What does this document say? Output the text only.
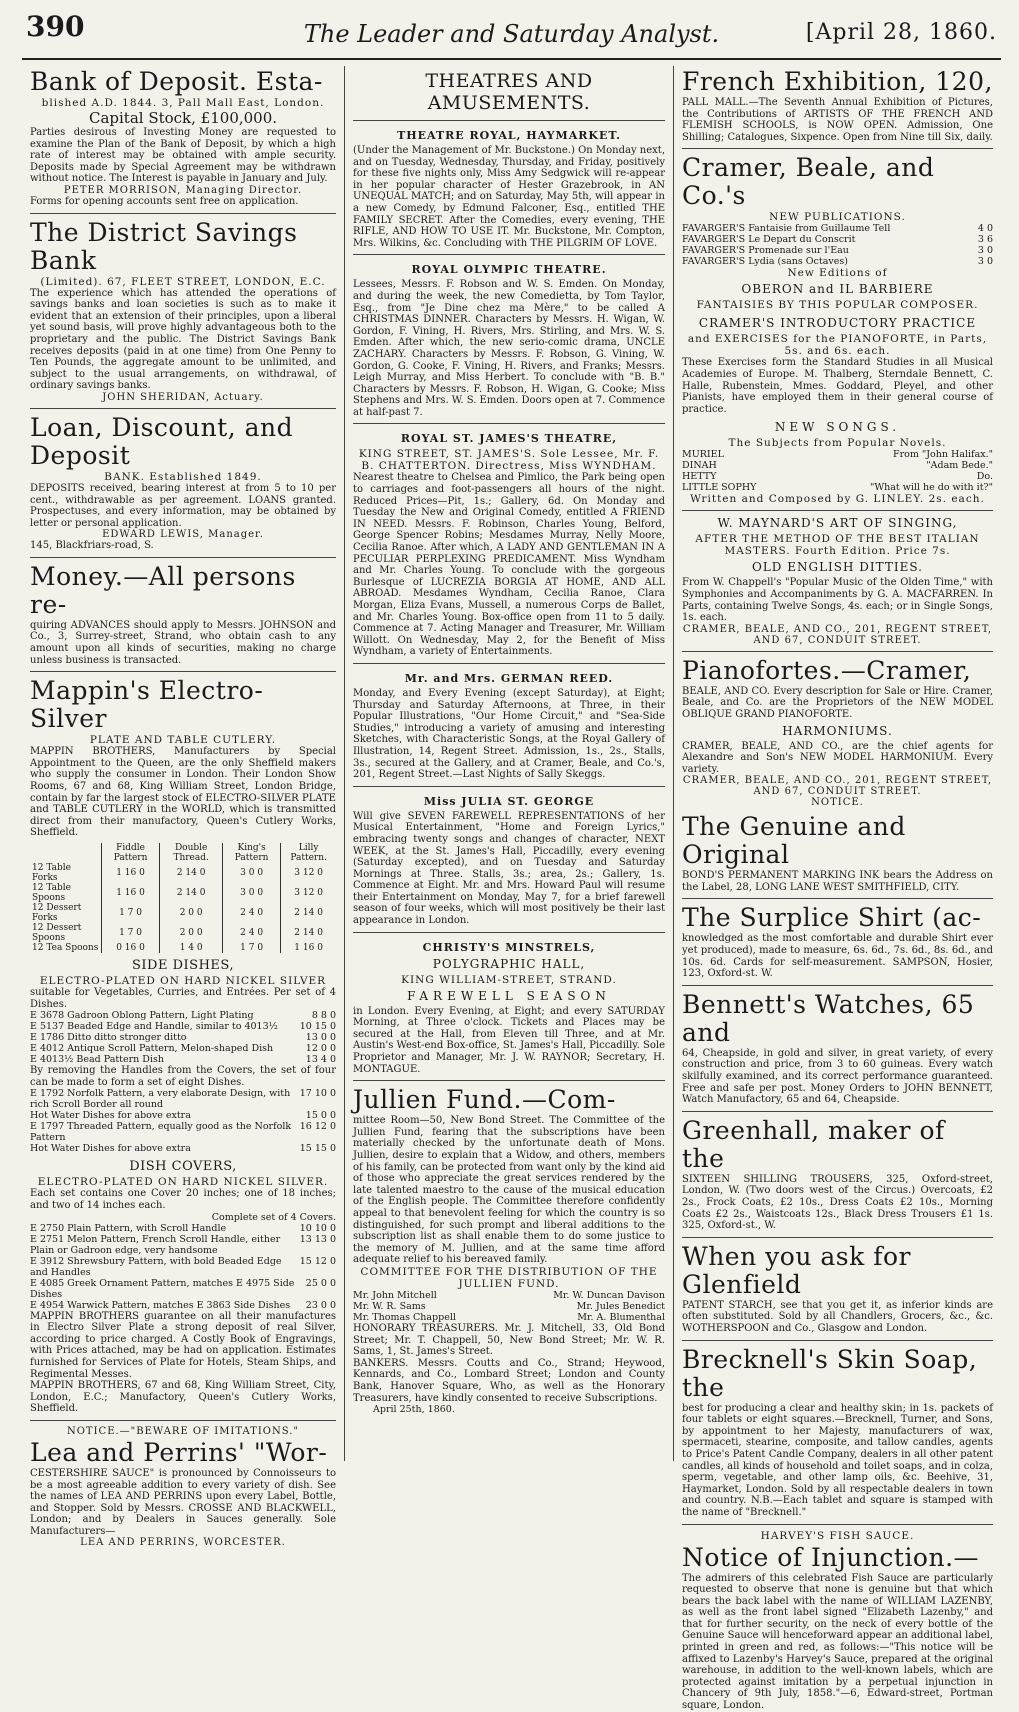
390	The Leader and Saturday Analyst.	[April 28, 1860.
Bank of Deposit. Esta-
blished A.D. 1844. 3, Pall Mall East, London.
Capital Stock, £100,000.

Parties desirous of Investing Money are requested to examine the Plan of the Bank of Deposit, by which a high rate of interest may be obtained with ample security. Deposits made by Special Agreement may be withdrawn without notice. The Interest is payable in January and July.

PETER MORRISON, Managing Director.

Forms for opening accounts sent free on application.

The District Savings Bank
(Limited). 67, FLEET STREET, LONDON, E.C.

The experience which has attended the operations of savings banks and loan societies is such as to make it evident that an extension of their principles, upon a liberal yet sound basis, will prove highly advantageous both to the proprietary and the public. The District Savings Bank receives deposits (paid in at one time) from One Penny to Ten Pounds, the aggregate amount to be unlimited, and subject to the usual arrangements, on withdrawal, of ordinary savings banks.

JOHN SHERIDAN, Actuary.
Loan, Discount, and Deposit
BANK. Established 1849.

DEPOSITS received, bearing interest at from 5 to 10 per cent., withdrawable as per agreement. LOANS granted. Prospectuses, and every information, may be obtained by letter or personal application.

EDWARD LEWIS, Manager.

145, Blackfriars-road, S.

Money.—All persons re-

quiring ADVANCES should apply to Messrs. JOHNSON and Co., 3, Surrey-street, Strand, who obtain cash to any amount upon all kinds of securities, making no charge unless business is transacted.

Mappin's Electro-Silver
PLATE AND TABLE CUTLERY.

MAPPIN BROTHERS, Manufacturers by Special Appointment to the Queen, are the only Sheffield makers who supply the consumer in London. Their London Show Rooms, 67 and 68, King William Street, London Bridge, contain by far the largest stock of ELECTRO-SILVER PLATE and TABLE CUTLERY in the WORLD, which is transmitted direct from their manufactory, Queen's Cutlery Works, Sheffield.

	Fiddle Pattern	Double Thread.	King's Pattern	Lilly Pattern.
12 Table Forks	1 16 0	2 14 0	3 0 0	3 12 0
12 Table Spoons	1 16 0	2 14 0	3 0 0	3 12 0
12 Dessert Forks	1 7 0	2 0 0	2 4 0	2 14 0
12 Dessert Spoons	1 7 0	2 0 0	2 4 0	2 14 0
12 Tea Spoons	0 16 0	1 4 0	1 7 0	1 16 0
SIDE DISHES,
ELECTRO-PLATED ON HARD NICKEL SILVER

suitable for Vegetables, Curries, and Entrées. Per set of 4 Dishes.

E 3678 Gadroon Oblong Pattern, Light Plating	8 8 0
E 5137 Beaded Edge and Handle, similar to 4013½	10 15 0
E 1786 Ditto ditto stronger ditto	13 0 0
E 4012 Antique Scroll Pattern, Melon-shaped Dish	12 0 0
E 4013½ Bead Pattern Dish	13 4 0

By removing the Handles from the Covers, the set of four can be made to form a set of eight Dishes.

E 1792 Norfolk Pattern, a very elaborate Design, with rich Scroll Border all round
17 10 0
Hot Water Dishes for above extra	15 0 0
E 1797 Threaded Pattern, equally good as the Norfolk Pattern
16 12 0
Hot Water Dishes for above extra	15 15 0
DISH COVERS,
ELECTRO-PLATED ON HARD NICKEL SILVER.

Each set contains one Cover 20 inches; one of 18 inches; and two of 14 inches each.

Complete set of 4 Covers.
E 2750 Plain Pattern, with Scroll Handle	10 10 0
E 2751 Melon Pattern, French Scroll Handle, either Plain or Gadroon edge, very handsome
13 13 0
E 3912 Shrewsbury Pattern, with bold Beaded Edge and Handles
15 12 0
E 4085 Greek Ornament Pattern, matches E 4975 Side Dishes
25 0 0
E 4954 Warwick Pattern, matches E 3863 Side Dishes	23 0 0

MAPPIN BROTHERS guarantee on all their manufactures in Electro Silver Plate a strong deposit of real Silver, according to price charged. A Costly Book of Engravings, with Prices attached, may be had on application. Estimates furnished for Services of Plate for Hotels, Steam Ships, and Regimental Messes.

MAPPIN BROTHERS, 67 and 68, King William Street, City, London, E.C.; Manufactory, Queen's Cutlery Works, Sheffield.

NOTICE.—"BEWARE OF IMITATIONS."
Lea and Perrins' "Wor-

CESTERSHIRE SAUCE" is pronounced by Connoisseurs to be a most agreeable addition to every variety of dish. See the names of LEA AND PERRINS upon every Label, Bottle, and Stopper. Sold by Messrs. CROSSE AND BLACKWELL, London; and by Dealers in Sauces generally. Sole Manufacturers—

LEA AND PERRINS, WORCESTER.
THEATRES AND AMUSEMENTS.
THEATRE ROYAL, HAYMARKET.

(Under the Management of Mr. Buckstone.) On Monday next, and on Tuesday, Wednesday, Thursday, and Friday, positively for these five nights only, Miss Amy Sedgwick will re-appear in her popular character of Hester Grazebrook, in AN UNEQUAL MATCH; and on Saturday, May 5th, will appear in a new Comedy, by Edmund Falconer, Esq., entitled THE FAMILY SECRET. After the Comedies, every evening, THE RIFLE, AND HOW TO USE IT. Mr. Buckstone, Mr. Compton, Mrs. Wilkins, &c. Concluding with THE PILGRIM OF LOVE.

ROYAL OLYMPIC THEATRE.

Lessees, Messrs. F. Robson and W. S. Emden. On Monday, and during the week, the new Comedietta, by Tom Taylor, Esq., from "Je Dine chez ma Mère," to be called A CHRISTMAS DINNER. Characters by Messrs. H. Wigan, W. Gordon, F. Vining, H. Rivers, Mrs. Stirling, and Mrs. W. S. Emden. After which, the new serio-comic drama, UNCLE ZACHARY. Characters by Messrs. F. Robson, G. Vining, W. Gordon, G. Cooke, F. Vining, H. Rivers, and Franks; Messrs. Leigh Murray, and Miss Herbert. To conclude with "B. B." Characters by Messrs. F. Robson, H. Wigan, G. Cooke; Miss Stephens and Mrs. W. S. Emden. Doors open at 7. Commence at half-past 7.

ROYAL ST. JAMES'S THEATRE,
KING STREET, ST. JAMES'S. Sole Lessee, Mr. F. B. CHATTERTON. Directress, Miss WYNDHAM.

Nearest theatre to Chelsea and Pimlico, the Park being open to carriages and foot-passengers all hours of the night. Reduced Prices—Pit, 1s.; Gallery, 6d. On Monday and Tuesday the New and Original Comedy, entitled A FRIEND IN NEED. Messrs. F. Robinson, Charles Young, Belford, George Spencer Robins; Mesdames Murray, Nelly Moore, Cecilia Ranoe. After which, A LADY AND GENTLEMAN IN A PECULIAR PERPLEXING PREDICAMENT. Miss Wyndham and Mr. Charles Young. To conclude with the gorgeous Burlesque of LUCREZIA BORGIA AT HOME, AND ALL ABROAD. Mesdames Wyndham, Cecilia Ranoe, Clara Morgan, Eliza Evans, Mussell, a numerous Corps de Ballet, and Mr. Charles Young. Box-office open from 11 to 5 daily. Commence at 7. Acting Manager and Treasurer, Mr. William Willott. On Wednesday, May 2, for the Benefit of Miss Wyndham, a variety of Entertainments.

Mr. and Mrs. GERMAN REED.

Monday, and Every Evening (except Saturday), at Eight; Thursday and Saturday Afternoons, at Three, in their Popular Illustrations, "Our Home Circuit," and "Sea-Side Studies," introducing a variety of amusing and interesting Sketches, with Characteristic Songs, at the Royal Gallery of Illustration, 14, Regent Street. Admission, 1s., 2s., Stalls, 3s., secured at the Gallery, and at Cramer, Beale, and Co.'s, 201, Regent Street.—Last Nights of Sally Skeggs.

Miss JULIA ST. GEORGE

Will give SEVEN FAREWELL REPRESENTATIONS of her Musical Entertainment, "Home and Foreign Lyrics," embracing twenty songs and changes of character, NEXT WEEK, at the St. James's Hall, Piccadilly, every evening (Saturday excepted), and on Tuesday and Saturday Mornings at Three. Stalls, 3s.; area, 2s.; Gallery, 1s. Commence at Eight. Mr. and Mrs. Howard Paul will resume their Entertainment on Monday, May 7, for a brief farewell season of four weeks, which will most positively be their last appearance in London.

CHRISTY'S MINSTRELS,
POLYGRAPHIC HALL,
KING WILLIAM-STREET, STRAND.
FAREWELL SEASON

in London. Every Evening, at Eight; and every SATURDAY Morning, at Three o'clock. Tickets and Places may be secured at the Hall, from Eleven till Three, and at Mr. Austin's West-end Box-office, St. James's Hall, Piccadilly. Sole Proprietor and Manager, Mr. J. W. RAYNOR; Secretary, H. MONTAGUE.

Jullien Fund.—Com-

mittee Room—50, New Bond Street. The Committee of the Jullien Fund, fearing that the subscriptions have been materially checked by the unfortunate death of Mons. Jullien, desire to explain that a Widow, and others, members of his family, can be protected from want only by the kind aid of those who appreciate the great services rendered by the late talented maestro to the cause of the musical education of the English people. The Committee therefore confidently appeal to that benevolent feeling for which the country is so distinguished, for such prompt and liberal additions to the subscription list as shall enable them to do some justice to the memory of M. Jullien, and at the same time afford adequate relief to his bereaved family.

COMMITTEE FOR THE DISTRIBUTION OF THE JULLIEN FUND.
Mr. John Mitchell	Mr. W. Duncan Davison
Mr. W. R. Sams	Mr. Jules Benedict
Mr. Thomas Chappell	Mr. A. Blumenthal

HONORARY TREASURERS. Mr. J. Mitchell, 33, Old Bond Street; Mr. T. Chappell, 50, New Bond Street; Mr. W. R. Sams, 1, St. James's Street.

BANKERS. Messrs. Coutts and Co., Strand; Heywood, Kennards, and Co., Lombard Street; London and County Bank, Hanover Square, Who, as well as the Honorary Treasurers, have kindly consented to receive Subscriptions.

April 25th, 1860.
French Exhibition, 120,

PALL MALL.—The Seventh Annual Exhibition of Pictures, the Contributions of ARTISTS OF THE FRENCH AND FLEMISH SCHOOLS, is NOW OPEN. Admission, One Shilling; Catalogues, Sixpence. Open from Nine till Six, daily.

Cramer, Beale, and Co.'s
NEW PUBLICATIONS.
FAVARGER'S Fantaisie from Guillaume Tell	4 0
FAVARGER'S Le Depart du Conscrit	3 6
FAVARGER'S Promenade sur l'Eau	3 0
FAVARGER'S Lydia (sans Octaves)	3 0
New Editions of
OBERON and IL BARBIERE
FANTAISIES BY THIS POPULAR COMPOSER.
CRAMER'S INTRODUCTORY PRACTICE
and EXERCISES for the PIANOFORTE, in Parts, 5s. and 6s. each.

These Exercises form the Standard Studies in all Musical Academies of Europe. M. Thalberg, Sterndale Bennett, C. Halle, Rubenstein, Mmes. Goddard, Pleyel, and other Pianists, have employed them in their general course of practice.

NEW SONGS.
The Subjects from Popular Novels.
MURIEL	From "John Halifax."
DINAH	"Adam Bede."
HETTY	Do.
LITTLE SOPHY	"What will he do with it?"
Written and Composed by G. LINLEY. 2s. each.
W. MAYNARD'S ART OF SINGING,
AFTER THE METHOD OF THE BEST ITALIAN MASTERS. Fourth Edition. Price 7s.
OLD ENGLISH DITTIES.

From W. Chappell's "Popular Music of the Olden Time," with Symphonies and Accompaniments by G. A. MACFARREN. In Parts, containing Twelve Songs, 4s. each; or in Single Songs, 1s. each.

CRAMER, BEALE, AND CO., 201, REGENT STREET, AND 67, CONDUIT STREET.
Pianofortes.—Cramer,

BEALE, AND CO. Every description for Sale or Hire. Cramer, Beale, and Co. are the Proprietors of the NEW MODEL OBLIQUE GRAND PIANOFORTE.

HARMONIUMS.

CRAMER, BEALE, AND CO., are the chief agents for Alexandre and Son's NEW MODEL HARMONIUM. Every variety.

CRAMER, BEALE, AND CO., 201, REGENT STREET, AND 67, CONDUIT STREET.
NOTICE.
The Genuine and Original

BOND'S PERMANENT MARKING INK bears the Address on the Label, 28, LONG LANE WEST SMITHFIELD, CITY.

The Surplice Shirt (ac-

knowledged as the most comfortable and durable Shirt ever yet produced), made to measure, 6s. 6d., 7s. 6d., 8s. 6d., and 10s. 6d. Cards for self-measurement. SAMPSON, Hosier, 123, Oxford-st. W.

Bennett's Watches, 65 and

64, Cheapside, in gold and silver, in great variety, of every construction and price, from 3 to 60 guineas. Every watch skilfully examined, and its correct performance guaranteed. Free and safe per post. Money Orders to JOHN BENNETT, Watch Manufactory, 65 and 64, Cheapside.

Greenhall, maker of the

SIXTEEN SHILLING TROUSERS, 325, Oxford-street, London, W. (Two doors west of the Circus.) Overcoats, £2 2s., Frock Coats, £2 10s., Dress Coats £2 10s., Morning Coats £2 2s., Waistcoats 12s., Black Dress Trousers £1 1s. 325, Oxford-st., W.

When you ask for Glenfield

PATENT STARCH, see that you get it, as inferior kinds are often substituted. Sold by all Chandlers, Grocers, &c., &c. WOTHERSPOON and Co., Glasgow and London.

Brecknell's Skin Soap, the

best for producing a clear and healthy skin; in 1s. packets of four tablets or eight squares.—Brecknell, Turner, and Sons, by appointment to her Majesty, manufacturers of wax, spermaceti, stearine, composite, and tallow candles, agents to Price's Patent Candle Company, dealers in all other patent candles, all kinds of household and toilet soaps, and in colza, sperm, vegetable, and other lamp oils, &c. Beehive, 31, Haymarket, London. Sold by all respectable dealers in town and country. N.B.—Each tablet and square is stamped with the name of "Brecknell."

HARVEY'S FISH SAUCE.
Notice of Injunction.—

The admirers of this celebrated Fish Sauce are particularly requested to observe that none is genuine but that which bears the back label with the name of WILLIAM LAZENBY, as well as the front label signed "Elizabeth Lazenby," and that for further security, on the neck of every bottle of the Genuine Sauce will henceforward appear an additional label, printed in green and red, as follows:—"This notice will be affixed to Lazenby's Harvey's Sauce, prepared at the original warehouse, in addition to the well-known labels, which are protected against imitation by a perpetual injunction in Chancery of 9th July, 1858."—6, Edward-street, Portman square, London.
